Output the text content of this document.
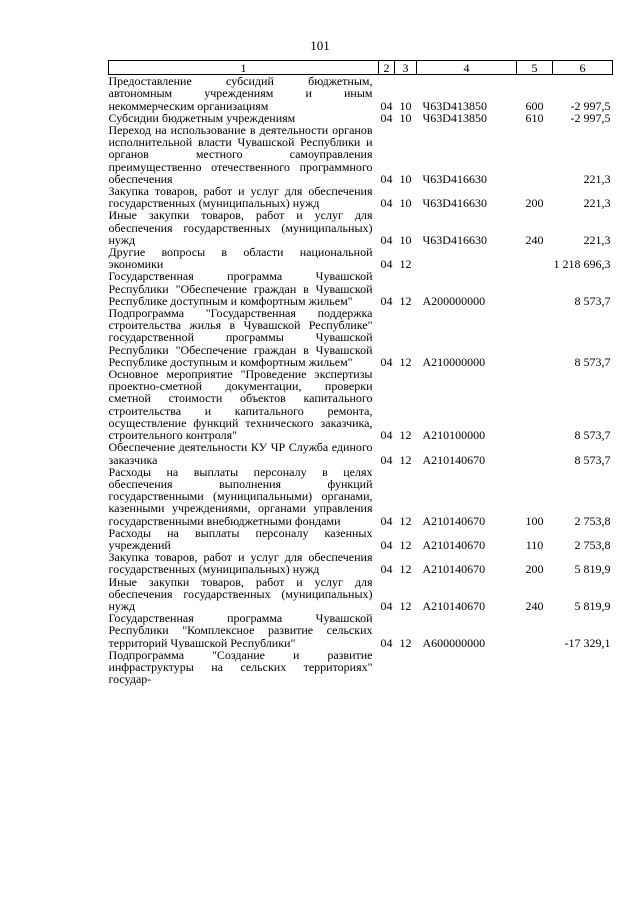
101
1	2	3	4	5	6
Предоставление субсидий бюджетным, автономным учреждениям и иным некоммерческим организациям	04	10	Ч63D413850	600	-2 997,5
Субсидии бюджетным учреждениям	04	10	Ч63D413850	610	-2 997,5
Переход на использование в деятельности органов исполнительной власти Чувашской Республики и органов местного самоуправления преимущественно отечественного программного обеспечения	04	10	Ч63D416630		221,3
Закупка товаров, работ и услуг для обеспечения государственных (муниципальных) нужд	04	10	Ч63D416630	200	221,3
Иные закупки товаров, работ и услуг для обеспечения государственных (муниципальных) нужд	04	10	Ч63D416630	240	221,3
Другие вопросы в области национальной экономики	04	12			1 218 696,3
Государственная программа Чувашской Республики "Обеспечение граждан в Чувашской Республике доступным и комфортным жильем"	04	12	A200000000		8 573,7
Подпрограмма "Государственная поддержка строительства жилья в Чувашской Республике" государственной программы Чувашской Республики "Обеспечение граждан в Чувашской Республике доступным и комфортным жильем"	04	12	A210000000		8 573,7
Основное мероприятие "Проведение экспертизы проектно-сметной документации, проверки сметной стоимости объектов капитального строительства и капитального ремонта, осуществление функций технического заказчика, строительного контроля"	04	12	A210100000		8 573,7
Обеспечение деятельности КУ ЧР Служба единого заказчика	04	12	A210140670		8 573,7
Расходы на выплаты персоналу в целях обеспечения выполнения функций государственными (муниципальными) органами, казенными учреждениями, органами управления государственными внебюджетными фондами	04	12	A210140670	100	2 753,8
Расходы на выплаты персоналу казенных учреждений	04	12	A210140670	110	2 753,8
Закупка товаров, работ и услуг для обеспечения государственных (муниципальных) нужд	04	12	A210140670	200	5 819,9
Иные закупки товаров, работ и услуг для обеспечения государственных (муниципальных) нужд	04	12	A210140670	240	5 819,9
Государственная программа Чувашской Республики "Комплексное развитие сельских территорий Чувашской Республики"	04	12	A600000000		-17 329,1
Подпрограмма "Создание и развитие инфраструктуры на сельских территориях" государ-					
